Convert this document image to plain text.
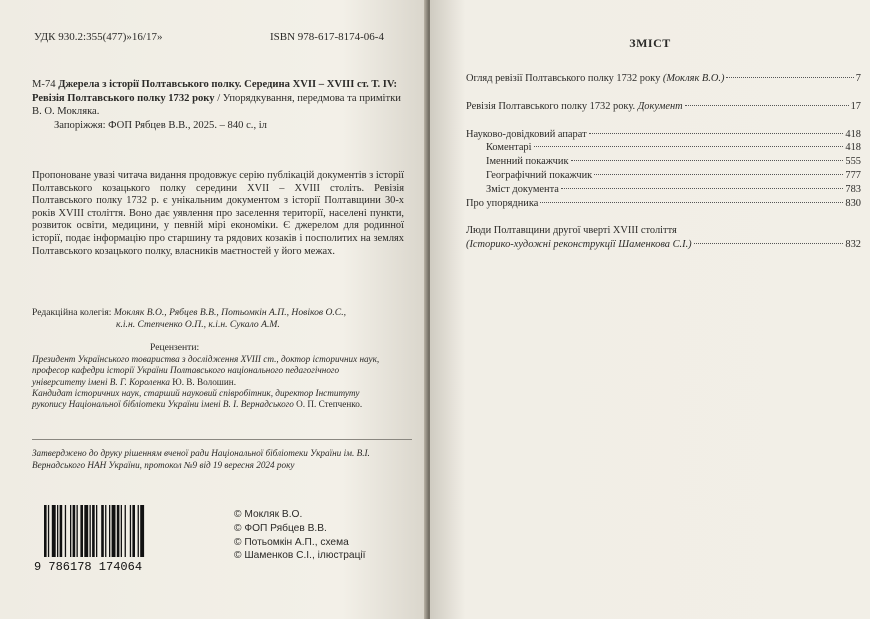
УДК 930.2:355(477)»16/17»	ISBN 978-617-8174-06-4
М-74 Джерела з історії Полтавського полку. Середина XVII – XVIII ст. Т. IV: Ревізія Полтавського полку 1732 року / Упорядкування, передмова та примітки В. О. Мокляка.
Запоріжжя: ФОП Рябцев В.В., 2025. – 840 с., іл
Пропоноване увазі читача видання продовжує серію публікацій документів з історії Полтавського козацького полку середини XVII – XVIII століть. Ревізія Полтавського полку 1732 р. є унікальним документом з історії Полтавщини 30-х років XVIII століття. Воно дає уявлення про заселення території, населені пункти, розвиток освіти, медицини, у певній мірі економіки. Є джерелом для родинної історії, подає інформацію про старшину та рядових козаків і посполитих на землях Полтавського козацького полку, власників маєтностей у його межах.
Редакційна колегія: Мокляк В.О., Рябцев В.В., Потьомкін А.П., Новіков О.С.,
к.і.н. Степченко О.П., к.і.н. Сукало А.М.
Рецензенти:
Президент Українського товариства з дослідження XVIII ст., доктор історичних наук, професор кафедри історії України Полтавського національного педагогічного університету імені В. Г. Короленка Ю. В. Волошин.
Кандидат історичних наук, старший науковий співробітник, директор Інституту рукопису Національної бібліотеки України імені В. І. Вернадського О. П. Степченко.
Затверджено до друку рішенням вченої ради Національної бібліотеки України ім. В.І. Вернадського НАН України, протокол №9 від 19 вересня 2024 року
9 786178 174064
© Мокляк В.О.
© ФОП Рябцев В.В.
© Потьомкін А.П., схема
© Шаменков С.І., ілюстрації
ЗМІСТ
Огляд ревізії Полтавського полку 1732 року (Мокляк В.О.)	7
Ревізія Полтавського полку 1732 року. Документ	17
Науково-довідковий апарат	418
Коментарі	418
Іменний покажчик	555
Географічний покажчик	777
Зміст документа	783
Про упорядника	830
Люди Полтавщини другої чверті XVIII століття
(Історико-художні реконструкції Шаменкова С.І.)	832
